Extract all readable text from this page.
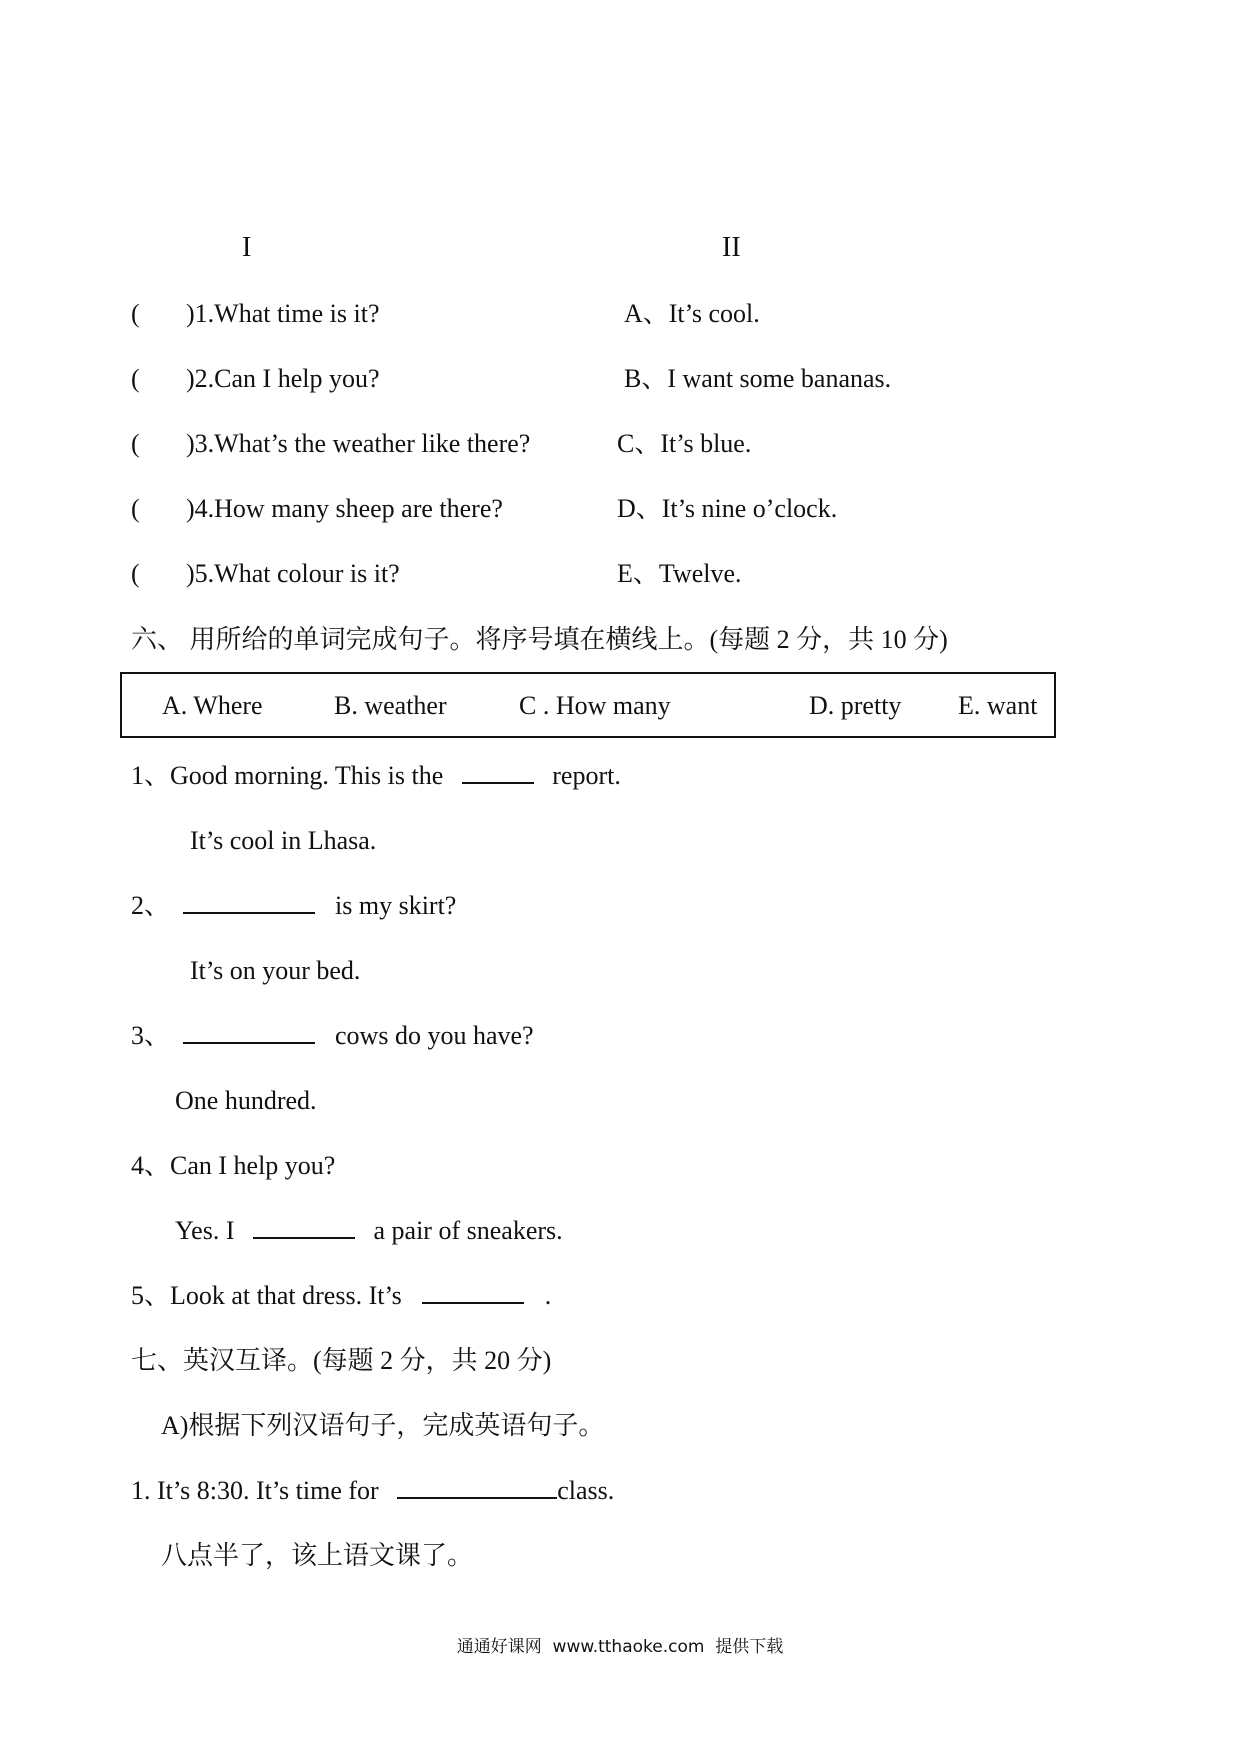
I	II
( )1.What time is it?	A、It’s cool.
( )2.Can I help you?	B、I want some bananas.
( )3.What’s the weather like there?	C、It’s blue.
( )4.How many sheep are there?	D、It’s nine o’clock.
( )5.What colour is it?	E、Twelve.
六、 用所给的单词完成句子。将序号填在横线上。(每题 2 分，共 10 分)
A. Where	B. weather	C . How many	D. pretty E. want
1、Good morning. This is the	report.
It’s cool in Lhasa.
2、	is my skirt?
It’s on your bed.
3、	cows do you have?
One hundred.
4、Can I help you?
Yes. I	a pair of sneakers.
5、Look at that dress. It’s	.
七、英汉互译。(每题 2 分，共 20 分)
A)根据下列汉语句子，完成英语句子。
1. It’s 8:30. It’s time for	class.
八点半了，该上语文课了。
通通好课网  www.tthaoke.com  提供下载
